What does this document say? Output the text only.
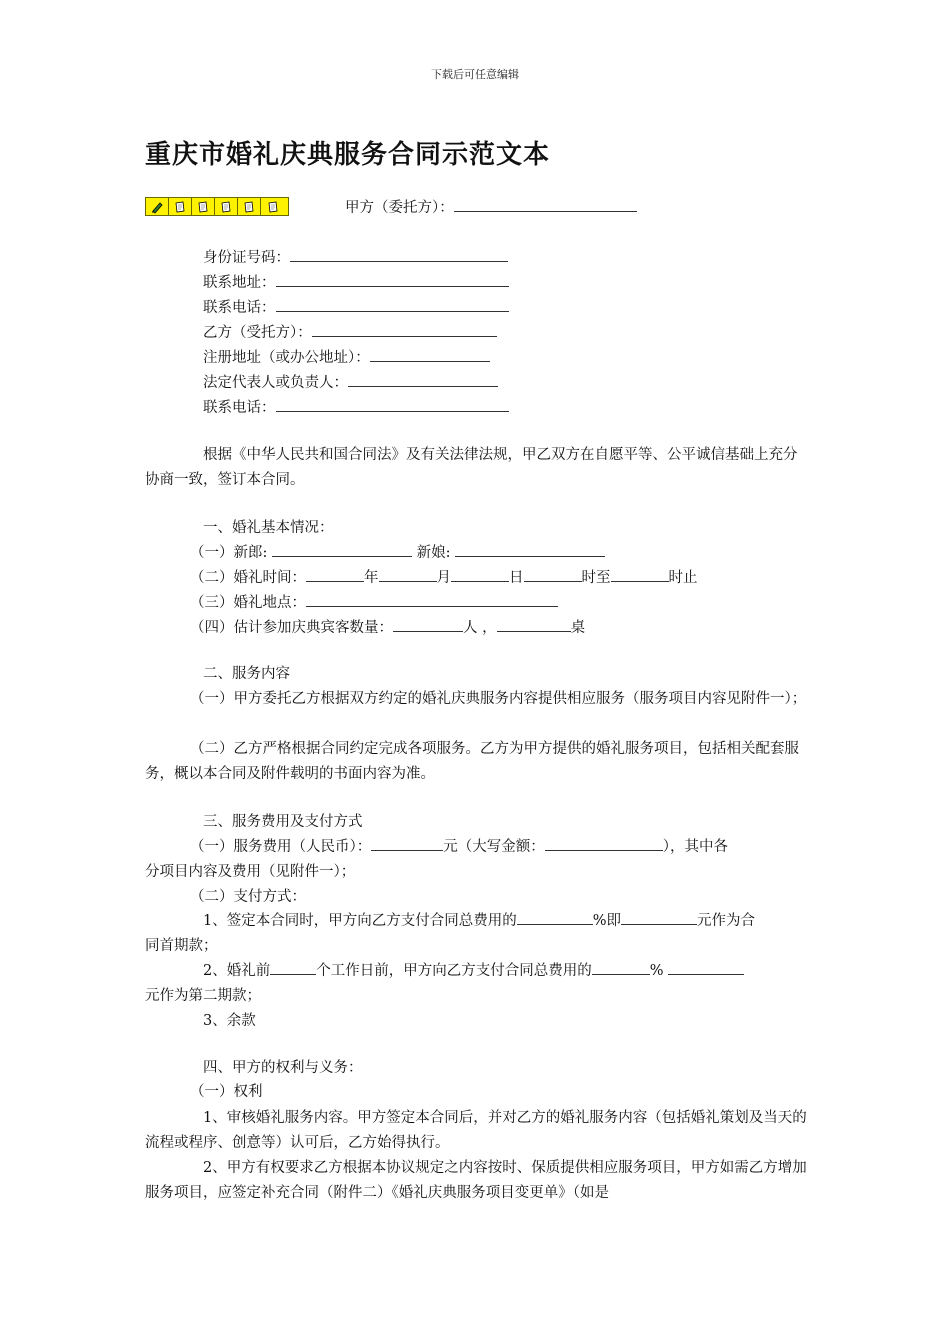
下载后可任意编辑
重庆市婚礼庆典服务合同示范文本
甲方（委托方）：
身份证号码：
联系地址：
联系电话：
乙方（受托方）：
注册地址（或办公地址）：
法定代表人或负责人：
联系电话：
根据《中华人民共和国合同法》及有关法律法规，甲乙双方在自愿平等、公平诚信基础上充分协商一致，签订本合同。
一、婚礼基本情况：
（一）新郎:	新娘:
（二）婚礼时间：	年	月	日	时至	时止
（三）婚礼地点：
（四）估计参加庆典宾客数量：	人 ，	桌
二、服务内容
（一）甲方委托乙方根据双方约定的婚礼庆典服务内容提供相应服务（服务项目内容见附件一）；
（二）乙方严格根据合同约定完成各项服务。乙方为甲方提供的婚礼服务项目，包括相关配套服务，概以本合同及附件载明的书面内容为准。
三、服务费用及支付方式
（一）服务费用（人民币）：	元（大写金额：	），其中各
分项目内容及费用（见附件一）；
（二）支付方式：
1、签定本合同时，甲方向乙方支付合同总费用的	%即	元作为合
同首期款；
2、婚礼前	个工作日前，甲方向乙方支付合同总费用的	%
元作为第二期款；
3、余款
四、甲方的权利与义务：
（一）权利
1、审核婚礼服务内容。甲方签定本合同后，并对乙方的婚礼服务内容（包括婚礼策划及当天的流程或程序、创意等）认可后，乙方始得执行。
2、甲方有权要求乙方根据本协议规定之内容按时、保质提供相应服务项目，甲方如需乙方增加服务项目，应签定补充合同（附件二）《婚礼庆典服务项目变更单》（如是
